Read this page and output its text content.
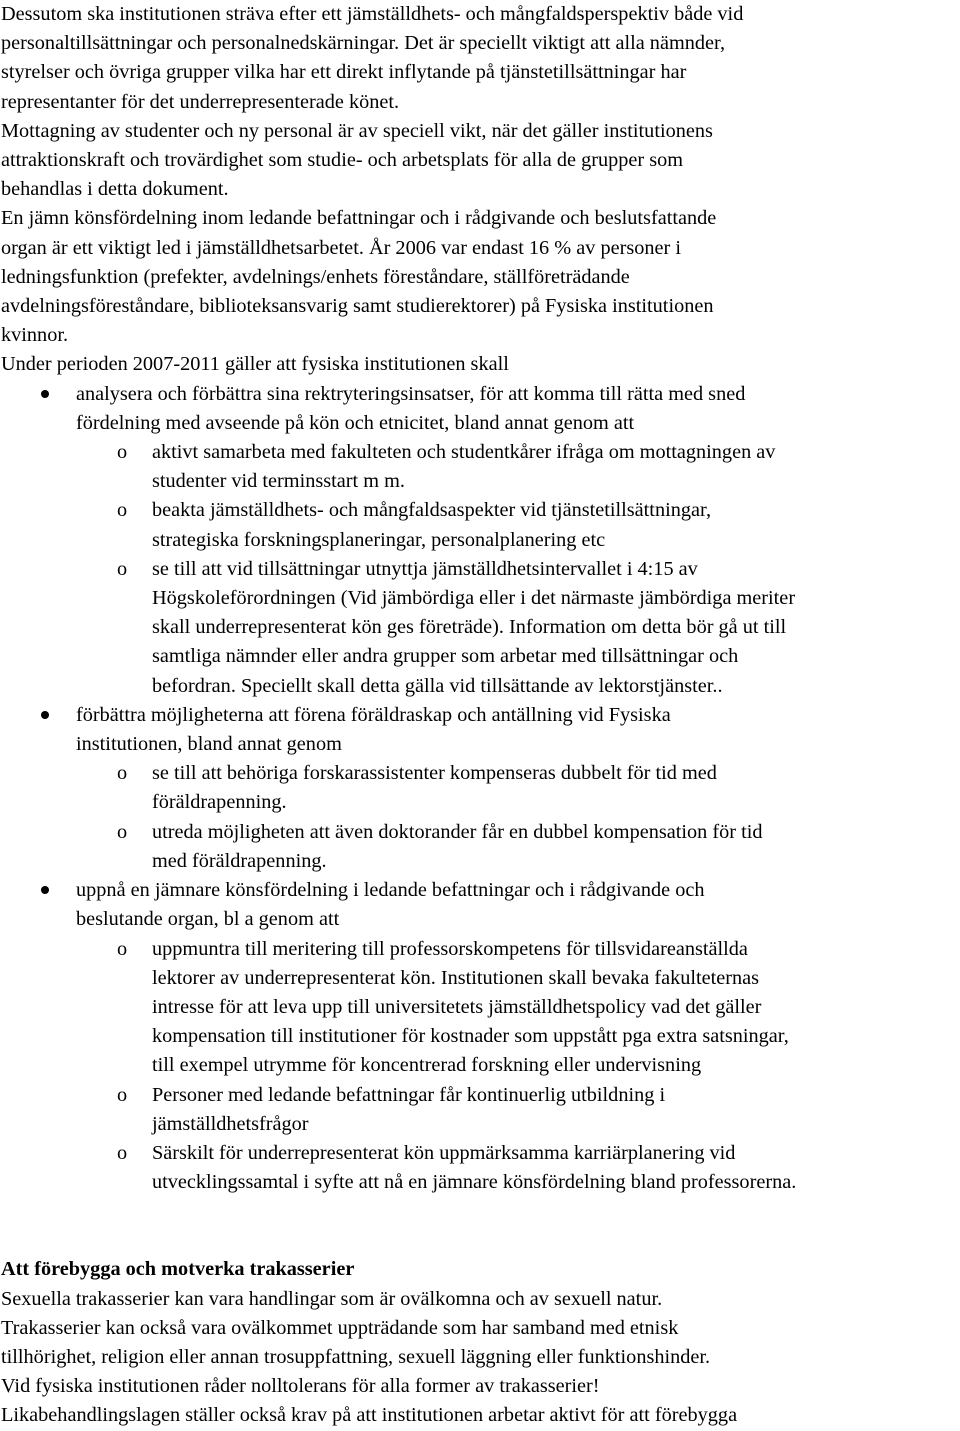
Dessutom ska institutionen sträva efter ett jämställdhets- och mångfaldsperspektiv både vid
personaltillsättningar och personalnedskärningar. Det är speciellt viktigt att alla nämnder,
styrelser och övriga grupper vilka har ett direkt inflytande på tjänstetillsättningar har
representanter för det underrepresenterade könet.
Mottagning av studenter och ny personal är av speciell vikt, när det gäller institutionens
attraktionskraft och trovärdighet som studie- och arbetsplats för alla de grupper som
behandlas i detta dokument.
En jämn könsfördelning inom ledande befattningar och i rådgivande och beslutsfattande
organ är ett viktigt led i jämställdhetsarbetet. År 2006 var endast 16 % av personer i
ledningsfunktion (prefekter, avdelnings/enhets föreståndare, ställföreträdande
avdelningsföreståndare, biblioteksansvarig samt studierektorer) på Fysiska institutionen
kvinnor.
Under perioden 2007-2011 gäller att fysiska institutionen skall
analysera och förbättra sina rektryteringsinsatser, för att komma till rätta med sned
fördelning med avseende på kön och etnicitet, bland annat genom att
o	aktivt samarbeta med fakulteten och studentkårer ifråga om mottagningen av
studenter vid terminsstart m m.
o	beakta jämställdhets- och mångfaldsaspekter vid tjänstetillsättningar,
strategiska forskningsplaneringar, personalplanering etc
o	se till att vid tillsättningar utnyttja jämställdhetsintervallet i 4:15 av
Högskoleförordningen (Vid jämbördiga eller i det närmaste jämbördiga meriter
skall underrepresenterat kön ges företräde). Information om detta bör gå ut till
samtliga nämnder eller andra grupper som arbetar med tillsättningar och
befordran. Speciellt skall detta gälla vid tillsättande av lektorstjänster..
förbättra möjligheterna att förena föräldraskap och antällning vid Fysiska
institutionen, bland annat genom
o	se till att behöriga forskarassistenter kompenseras dubbelt för tid med
föräldrapenning.
o	utreda möjligheten att även doktorander får en dubbel kompensation för tid
med föräldrapenning.
uppnå en jämnare könsfördelning i ledande befattningar och i rådgivande och
beslutande organ, bl a genom att
o	uppmuntra till meritering till professorskompetens för tillsvidareanställda
lektorer av underrepresenterat kön. Institutionen skall bevaka fakulteternas
intresse för att leva upp till universitetets jämställdhetspolicy vad det gäller
kompensation till institutioner för kostnader som uppstått pga extra satsningar,
till exempel utrymme för koncentrerad forskning eller undervisning
o	Personer med ledande befattningar får kontinuerlig utbildning i
jämställdhetsfrågor
o	Särskilt för underrepresenterat kön uppmärksamma karriärplanering vid
utvecklingssamtal i syfte att nå en jämnare könsfördelning bland professorerna.
Att förebygga och motverka trakasserier
Sexuella trakasserier kan vara handlingar som är ovälkomna och av sexuell natur.
Trakasserier kan också vara ovälkommet uppträdande som har samband med etnisk
tillhörighet, religion eller annan trosuppfattning, sexuell läggning eller funktionshinder.
Vid fysiska institutionen råder nolltolerans för alla former av trakasserier!
Likabehandlingslagen ställer också krav på att institutionen arbetar aktivt för att förebygga
